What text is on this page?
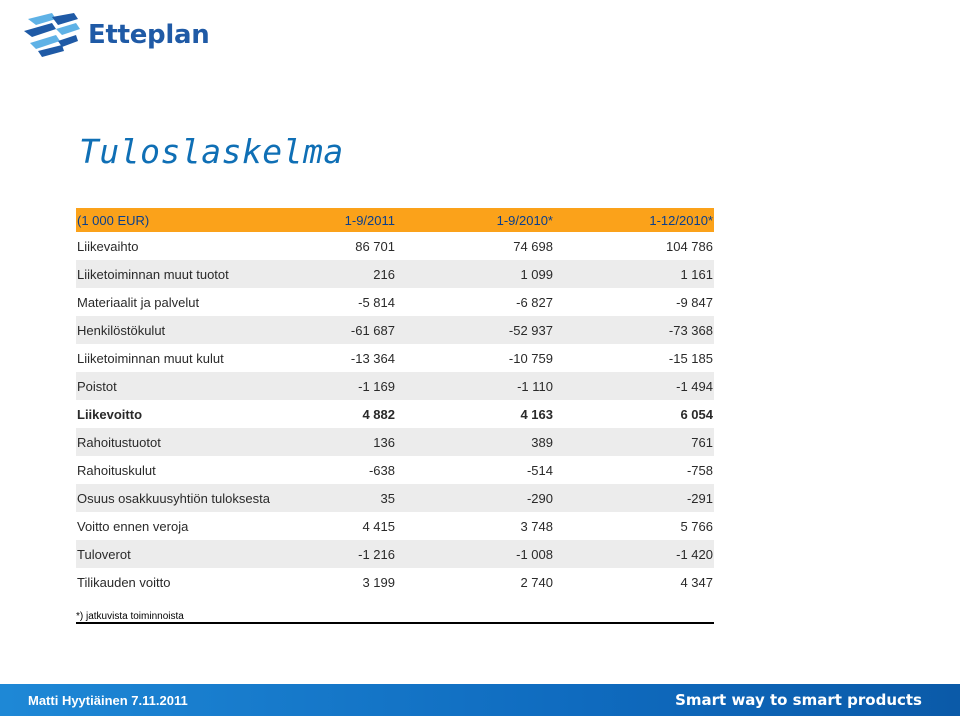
Etteplan
Tuloslaskelma
(1 000 EUR)	1-9/2011	1-9/2010*	1-12/2010*
Liikevaihto	86 701	74 698	104 786
Liiketoiminnan muut tuotot	216	1 099	1 161
Materiaalit ja palvelut	-5 814	-6 827	-9 847
Henkilöstökulut	-61 687	-52 937	-73 368
Liiketoiminnan muut kulut	-13 364	-10 759	-15 185
Poistot	-1 169	-1 110	-1 494
Liikevoitto	4 882	4 163	6 054
Rahoitustuotot	136	389	761
Rahoituskulut	-638	-514	-758
Osuus osakkuusyhtiön tuloksesta	35	-290	-291
Voitto ennen veroja	4 415	3 748	5 766
Tuloverot	-1 216	-1 008	-1 420
Tilikauden voitto	3 199	2 740	4 347
*) jatkuvista toiminnoista
Matti Hyytiäinen 7.11.2011	Smart way to smart products
